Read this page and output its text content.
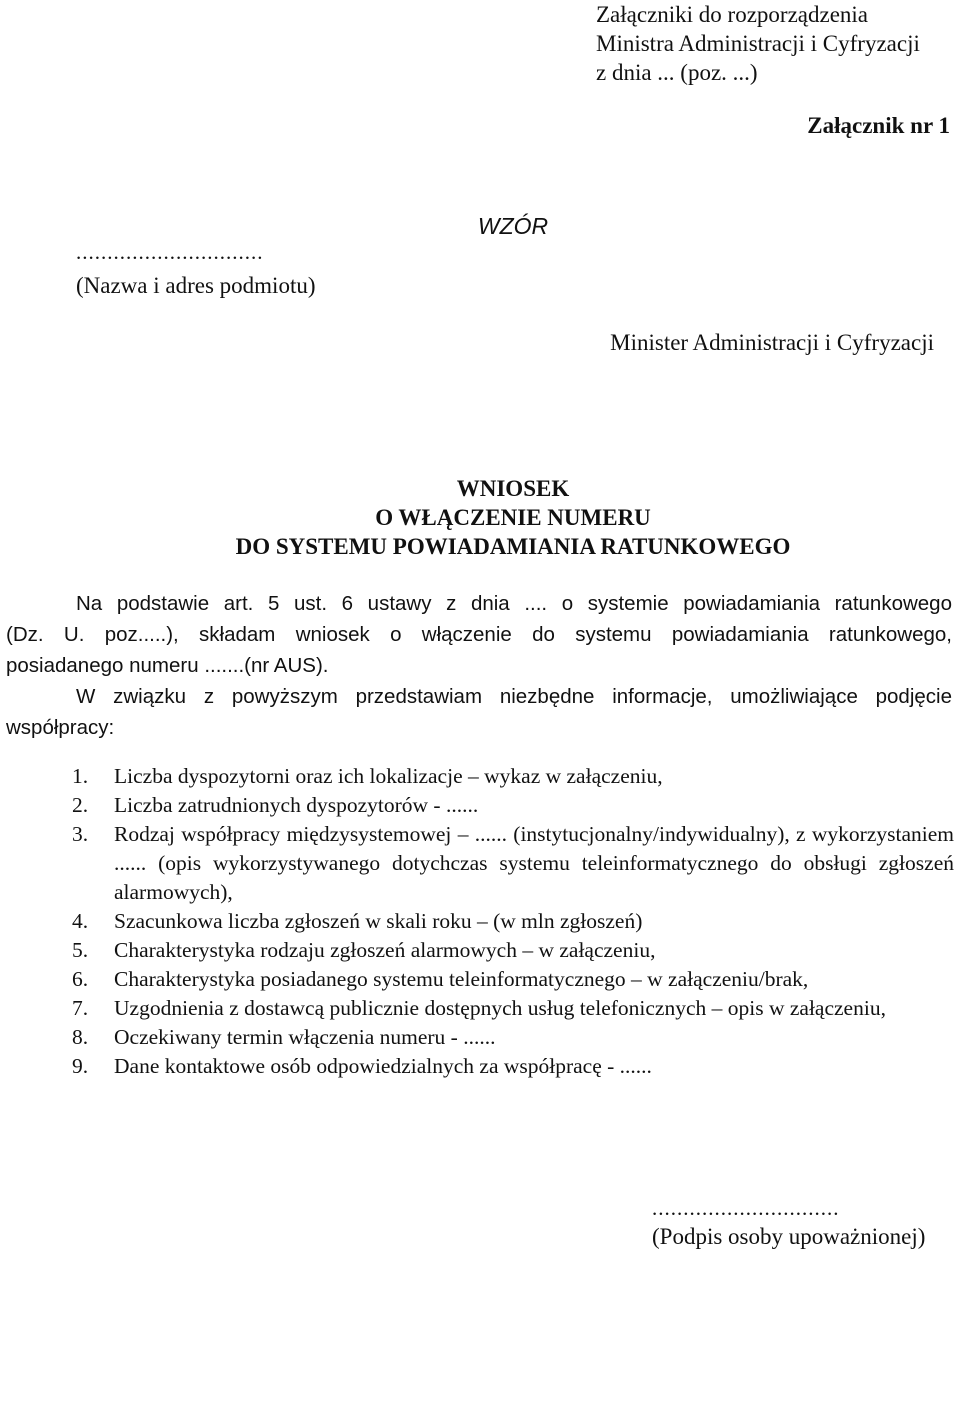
Załączniki do rozporządzenia
Ministra Administracji i Cyfryzacji
z dnia ... (poz. ...)
Załącznik nr 1
WZÓR
..............................
(Nazwa i adres podmiotu)
Minister Administracji i Cyfryzacji
WNIOSEK
O WŁĄCZENIE NUMERU
DO SYSTEMU POWIADAMIANIA RATUNKOWEGO
Na podstawie art. 5 ust. 6 ustawy z dnia .... o systemie powiadamiania ratunkowego
(Dz. U. poz.....), składam wniosek o włączenie do systemu powiadamiania ratunkowego,
posiadanego numeru .......(nr AUS).
W związku z powyższym przedstawiam niezbędne informacje, umożliwiające podjęcie
współpracy:
1.	Liczba dyspozytorni oraz ich lokalizacje – wykaz w załączeniu,
2.	Liczba zatrudnionych dyspozytorów - ......
3.	Rodzaj współpracy międzysystemowej – ...... (instytucjonalny/indywidualny), z wykorzystaniem ...... (opis wykorzystywanego dotychczas systemu teleinformatycznego do obsługi zgłoszeń alarmowych),
4.	Szacunkowa liczba zgłoszeń w skali roku – (w mln zgłoszeń)
5.	Charakterystyka rodzaju zgłoszeń alarmowych – w załączeniu,
6.	Charakterystyka posiadanego systemu teleinformatycznego – w załączeniu/brak,
7.	Uzgodnienia z dostawcą publicznie dostępnych usług telefonicznych – opis w załączeniu,
8.	Oczekiwany termin włączenia numeru - ......
9.	Dane kontaktowe osób odpowiedzialnych za współpracę - ......
..............................
(Podpis osoby upoważnionej)
